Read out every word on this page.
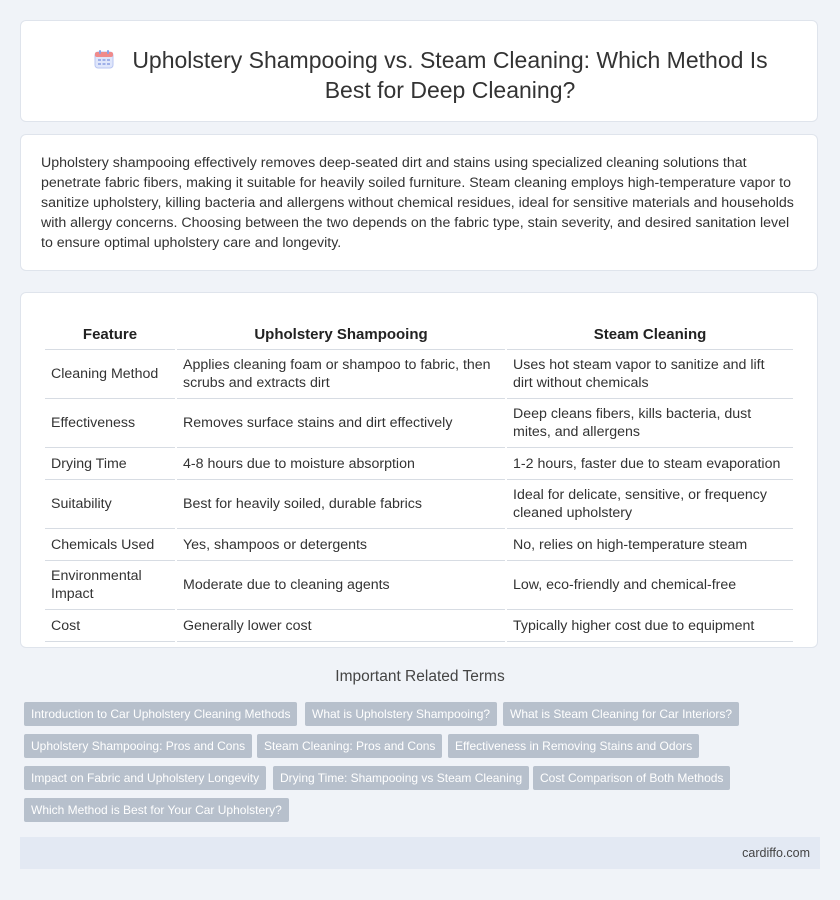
Upholstery Shampooing vs. Steam Cleaning: Which Method Is Best for Deep Cleaning?

Upholstery shampooing effectively removes deep-seated dirt and stains using specialized cleaning solutions that penetrate fabric fibers, making it suitable for heavily soiled furniture. Steam cleaning employs high-temperature vapor to sanitize upholstery, killing bacteria and allergens without chemical residues, ideal for sensitive materials and households with allergy concerns. Choosing between the two depends on the fabric type, stain severity, and desired sanitation level to ensure optimal upholstery care and longevity.

Feature	Upholstery Shampooing	Steam Cleaning
Cleaning Method	Applies cleaning foam or shampoo to fabric, then scrubs and extracts dirt	Uses hot steam vapor to sanitize and lift dirt without chemicals
Effectiveness	Removes surface stains and dirt effectively	Deep cleans fibers, kills bacteria, dust mites, and allergens
Drying Time	4-8 hours due to moisture absorption	1-2 hours, faster due to steam evaporation
Suitability	Best for heavily soiled, durable fabrics	Ideal for delicate, sensitive, or frequency cleaned upholstery
Chemicals Used	Yes, shampoos or detergents	No, relies on high-temperature steam
Environmental Impact	Moderate due to cleaning agents	Low, eco-friendly and chemical-free
Cost	Generally lower cost	Typically higher cost due to equipment
Important Related Terms
Introduction to Car Upholstery Cleaning Methods	What is Upholstery Shampooing?	What is Steam Cleaning for Car Interiors?
Upholstery Shampooing: Pros and Cons	Steam Cleaning: Pros and Cons	Effectiveness in Removing Stains and Odors
Impact on Fabric and Upholstery Longevity	Drying Time: Shampooing vs Steam Cleaning	Cost Comparison of Both Methods
Which Method is Best for Your Car Upholstery?
cardiffo.com
